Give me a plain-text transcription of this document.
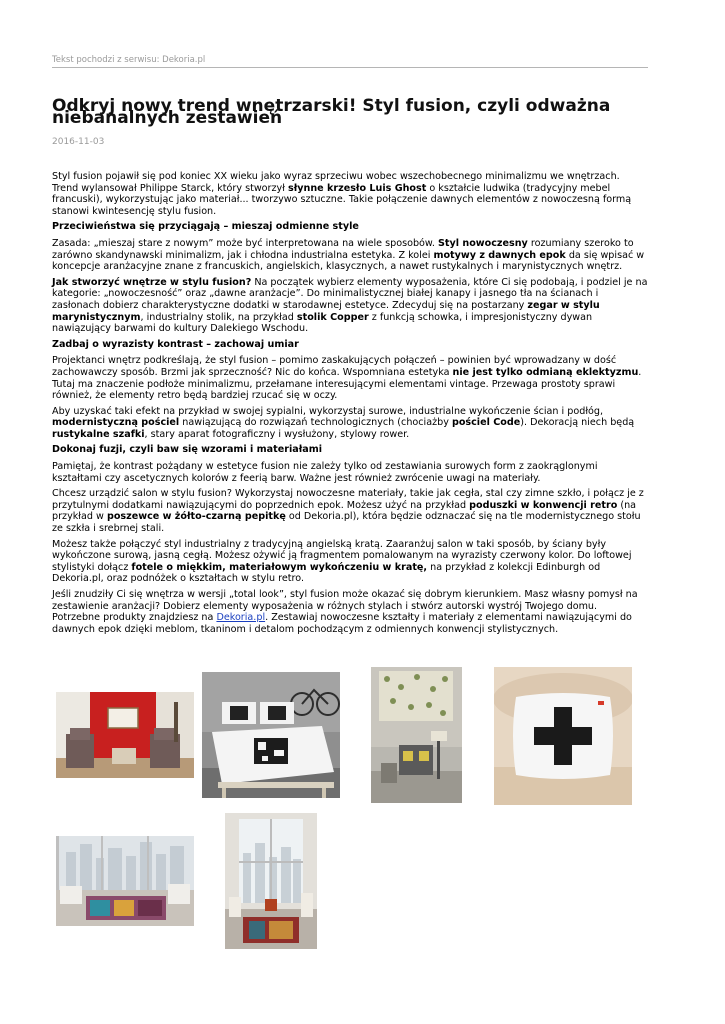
Tekst pochodzi z serwisu: Dekoria.pl
Odkryj nowy trend wnętrzarski! Styl fusion, czyli odważna niebanalnych zestawień
2016-11-03

Styl fusion pojawił się pod koniec XX wieku jako wyraz sprzeciwu wobec wszechobecnego minimalizmu we wnętrzach. Trend wylansował Philippe Starck, który stworzył słynne krzesło Luis Ghost o kształcie ludwika (tradycyjny mebel francuski), wykorzystując jako materiał... tworzywo sztuczne. Takie połączenie dawnych elementów z nowoczesną formą stanowi kwintesencję stylu fusion.

Przeciwieństwa się przyciągają – mieszaj odmienne style

Zasada: „mieszaj stare z nowym” może być interpretowana na wiele sposobów. Styl nowoczesny rozumiany szeroko to zarówno skandynawski minimalizm, jak i chłodna industrialna estetyka. Z kolei motywy z dawnych epok da się wpisać w koncepcje aranżacyjne znane z francuskich, angielskich, klasycznych, a nawet rustykalnych i marynistycznych wnętrz.

Jak stworzyć wnętrze w stylu fusion? Na początek wybierz elementy wyposażenia, które Ci się podobają, i podziel je na kategorie: „nowoczesność” oraz „dawne aranżacje”. Do minimalistycznej białej kanapy i jasnego tła na ścianach i zasłonach dobierz charakterystyczne dodatki w starodawnej estetyce. Zdecyduj się na postarzany zegar w stylu marynistycznym, industrialny stolik, na przykład stolik Copper z funkcją schowka, i impresjonistyczny dywan nawiązujący barwami do kultury Dalekiego Wschodu.

Zadbaj o wyrazisty kontrast – zachowaj umiar

Projektanci wnętrz podkreślają, że styl fusion – pomimo zaskakujących połączeń – powinien być wprowadzany w dość zachowawczy sposób. Brzmi jak sprzeczność? Nic do końca. Wspomniana estetyka nie jest tylko odmianą eklektyzmu. Tutaj ma znaczenie podłoże minimalizmu, przełamane interesującymi elementami vintage. Przewaga prostoty sprawi również, że elementy retro będą bardziej rzucać się w oczy.

Aby uzyskać taki efekt na przykład w swojej sypialni, wykorzystaj surowe, industrialne wykończenie ścian i podłóg, modernistyczną pościel nawiązującą do rozwiązań technologicznych (chociażby pościel Code). Dekoracją niech będą rustykalne szafki, stary aparat fotograficzny i wysłużony, stylowy rower.

Dokonaj fuzji, czyli baw się wzorami i materiałami

Pamiętaj, że kontrast pożądany w estetyce fusion nie zależy tylko od zestawiania surowych form z zaokrąglonymi kształtami czy ascetycznych kolorów z feerią barw. Ważne jest również zwrócenie uwagi na materiały.

Chcesz urządzić salon w stylu fusion? Wykorzystaj nowoczesne materiały, takie jak cegła, stal czy zimne szkło, i połącz je z przytulnymi dodatkami nawiązującymi do poprzednich epok. Możesz użyć na przykład poduszki w konwencji retro (na przykład w poszewce w żółto-czarną pepitkę od Dekoria.pl), która będzie odznaczać się na tle modernistycznego stołu ze szkła i srebrnej stali.

Możesz także połączyć styl industrialny z tradycyjną angielską kratą. Zaaranżuj salon w taki sposób, by ściany były wykończone surową, jasną cegłą. Możesz ożywić ją fragmentem pomalowanym na wyrazisty czerwony kolor. Do loftowej stylistyki dołącz fotele o miękkim, materiałowym wykończeniu w kratę, na przykład z kolekcji Edinburgh od Dekoria.pl, oraz podnóżek o kształtach w stylu retro.

Jeśli znudziły Ci się wnętrza w wersji „total look”, styl fusion może okazać się dobrym kierunkiem. Masz własny pomysł na zestawienie aranżacji? Dobierz elementy wyposażenia w różnych stylach i stwórz autorski wystrój Twojego domu. Potrzebne produkty znajdziesz na Dekoria.pl. Zestawiaj nowoczesne kształty i materiały z elementami nawiązującymi do dawnych epok dzięki meblom, tkaninom i detalom pochodzącym z odmiennych konwencji stylistycznych.
